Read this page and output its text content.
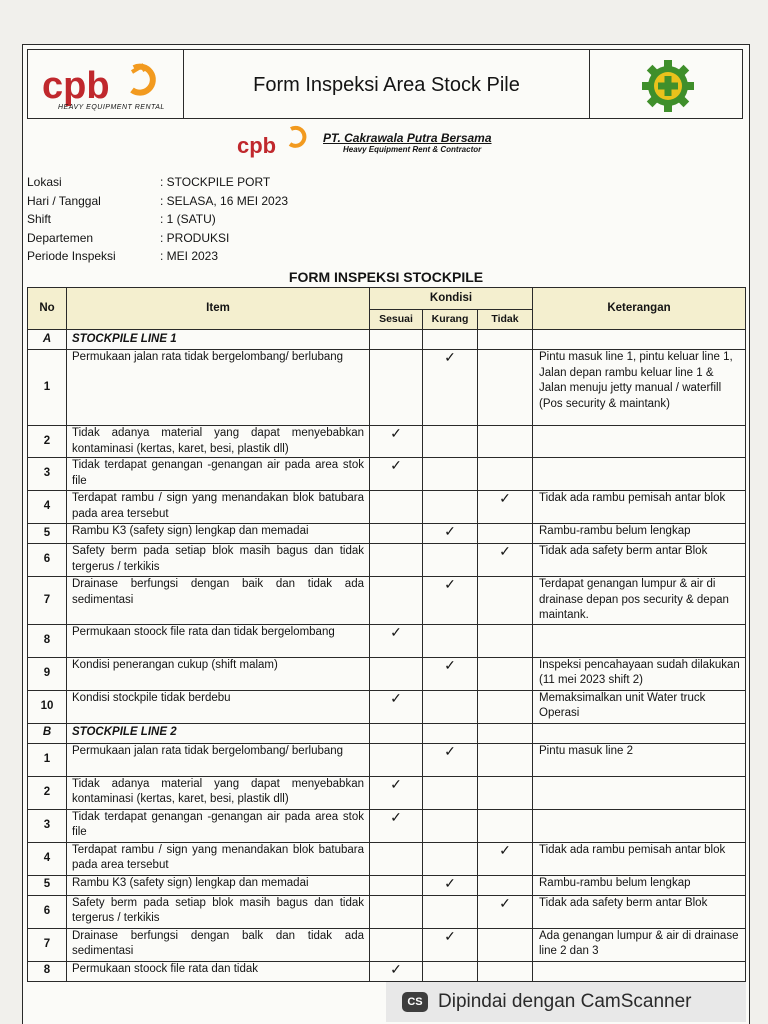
cpb
HEAVY EQUIPMENT RENTAL
Form Inspeksi Area Stock Pile
cpb	PT. Cakrawala Putra Bersama
Heavy Equipment Rent & Contractor
Lokasi	: STOCKPILE PORT
Hari / Tanggal	: SELASA, 16 MEI 2023
Shift	: 1 (SATU)
Departemen	: PRODUKSI
Periode Inspeksi	: MEI 2023
FORM INSPEKSI STOCKPILE
No	Item	Kondisi			Keterangan
		Sesuai	Kurang	Tidak	
A	STOCKPILE LINE 1				
1	Permukaan jalan rata tidak bergelombang/ berlubang		✓		Pintu masuk line 1, pintu keluar line 1, Jalan depan rambu keluar line 1 & Jalan menuju jetty manual / waterfill (Pos security & maintank)
2	Tidak adanya material yang dapat menyebabkan kontaminasi (kertas, karet, besi, plastik dll)	✓			
3	Tidak terdapat genangan -genangan air pada area stok file	✓			
4	Terdapat rambu / sign yang menandakan blok batubara pada area tersebut			✓	Tidak ada rambu pemisah antar blok
5	Rambu K3 (safety sign) lengkap dan memadai		✓		Rambu-rambu belum lengkap
6	Safety berm pada setiap blok masih bagus dan tidak tergerus / terkikis			✓	Tidak ada safety berm antar Blok
7	Drainase berfungsi dengan baik dan tidak ada sedimentasi		✓		Terdapat genangan lumpur & air di drainase depan pos security & depan maintank.
8	Permukaan stoock file rata dan tidak bergelombang	✓			
9	Kondisi penerangan cukup (shift malam)		✓		Inspeksi pencahayaan sudah dilakukan (11 mei 2023 shift 2)
10	Kondisi stockpile tidak berdebu	✓			Memaksimalkan unit Water truck Operasi
B	STOCKPILE LINE 2				
1	Permukaan jalan rata tidak bergelombang/ berlubang		✓		Pintu masuk line 2
2	Tidak adanya material yang dapat menyebabkan kontaminasi (kertas, karet, besi, plastik dll)	✓			
3	Tidak terdapat genangan -genangan air pada area stok file	✓			
4	Terdapat rambu / sign yang menandakan blok batubara pada area tersebut			✓	Tidak ada rambu pemisah antar blok
5	Rambu K3 (safety sign) lengkap dan memadai		✓		Rambu-rambu belum lengkap
6	Safety berm pada setiap blok masih bagus dan tidak tergerus / terkikis			✓	Tidak ada safety berm antar Blok
7	Drainase berfungsi dengan balk dan tidak ada sedimentasi		✓		Ada genangan lumpur & air di drainase line 2 dan 3
8	Permukaan stoock file rata dan tidak	✓			
CS Dipindai dengan CamScanner
